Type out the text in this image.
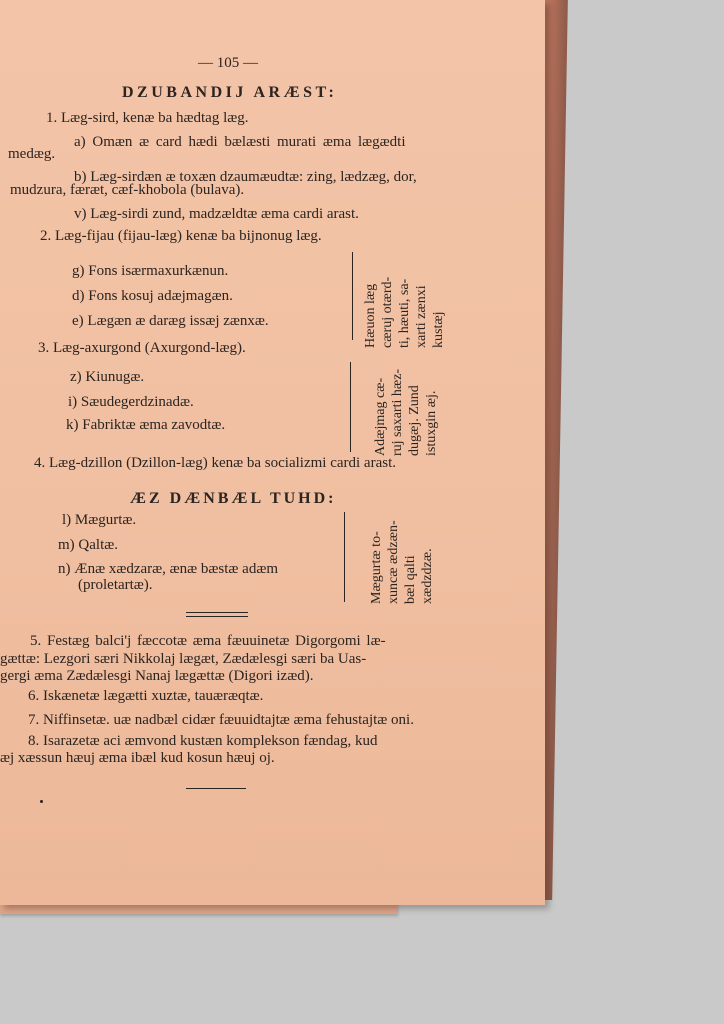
— 105 —
DZUBANDIJ ARÆST:
1. Læg-sird, kenæ ba hædtag læg.
a) Omæn æ card hædi bælæsti murati æma lægædti
medæg.
b) Læg-sirdæn æ toxæn dzaumæudtæ: zing, lædzæg, dor,
mudzura, færæt, cæf-khobola (bulava).
v) Læg-sirdi zund, madzældtæ æma cardi arast.
2. Læg-fijau (fijau-læg) kenæ ba bijnonug læg.
g) Fons isærmaxurkænun.
d) Fons kosuj adæjmagæn.
e) Lægæn æ daræg issæj zænxæ.	Hæuon læg cæruj otærd- ti, hæuti, sa- xarti zænxi kustæj
3. Læg-axurgond (Axurgond-læg).
z) Kiunugæ.
i) Sæudegerdzinadæ.
k) Fabriktæ æma zavodtæ.	Adæjmag cæ- ruj saxarti hæz- dugæj. Zund istuxgin æj.
4. Læg-dzillon (Dzillon-læg) kenæ ba socializmi cardi arast.
ÆZ DÆNBÆL TUHD:
l) Mægurtæ.
m) Qaltæ.
n) Ænæ xædzaræ, ænæ bæstæ adæm
(proletartæ).	Mægurtæ to- xuncæ ædzæn- bæl qalti xædzdzæ.
5. Festæg balci'j fæccotæ æma fæuuinetæ Digorgomi læ-
gættæ: Lezgori særi Nikkolaj lægæt, Zædælesgi særi ba Uas-
gergi æma Zædælesgi Nanaj lægættæ (Digori izæd).
6. Iskænetæ lægætti xuztæ, tauæræqtæ.
7. Niffinsetæ. uæ nadbæl cidær fæuuidtajtæ æma fehustajtæ oni.
8. Isarazetæ aci æmvond kustæn komplekson fændag, kud
æj xæssun hæuj æma ibæl kud kosun hæuj oj.
